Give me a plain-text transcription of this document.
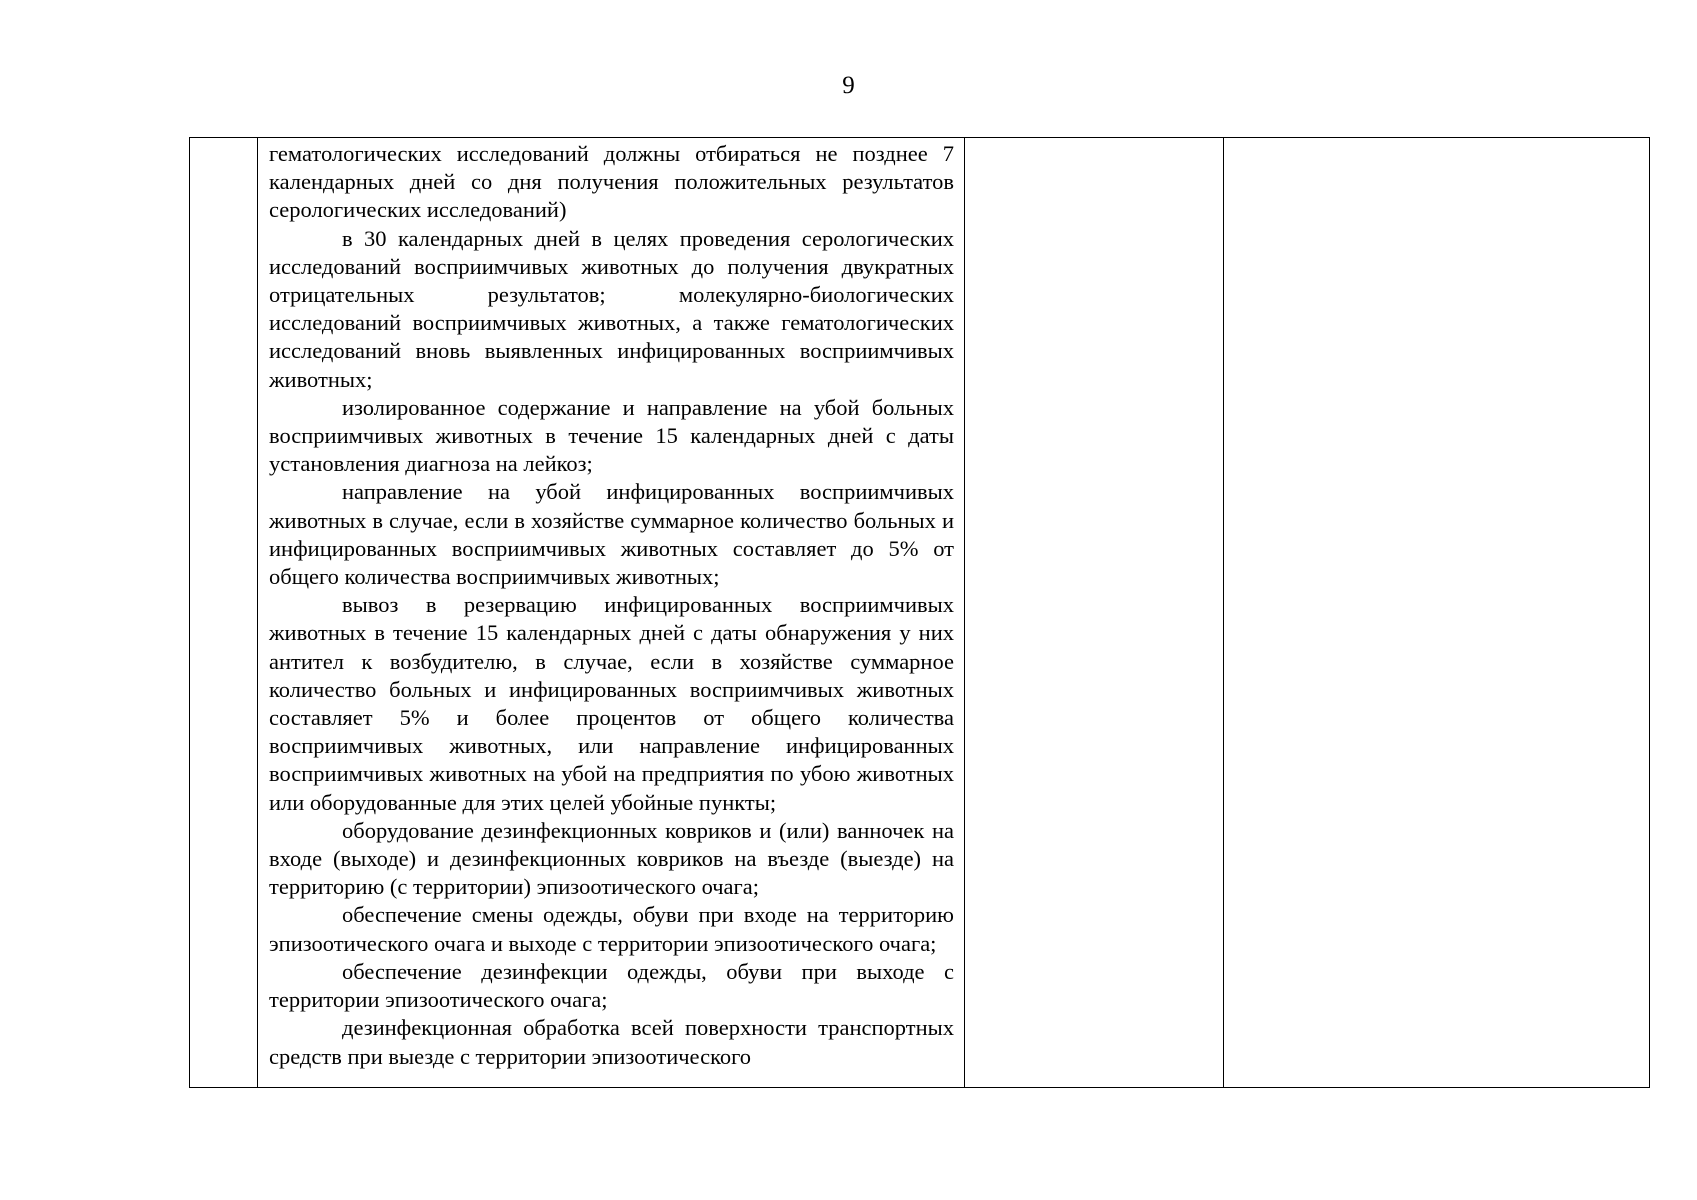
9

гематологических исследований должны отбираться не позднее 7 календарных дней со дня получения положительных результатов серологических исследований)

в 30 календарных дней в целях проведения серологических исследований восприимчивых животных до получения двукратных отрицательных результатов; молекулярно-биологических исследований восприимчивых животных, а также гематологических исследований вновь выявленных инфицированных восприимчивых животных;

изолированное содержание и направление на убой больных восприимчивых животных в течение 15 календарных дней с даты установления диагноза на лейкоз;

направление на убой инфицированных восприимчивых животных в случае, если в хозяйстве суммарное количество больных и инфицированных восприимчивых животных составляет до 5% от общего количества восприимчивых животных;

вывоз в резервацию инфицированных восприимчивых животных в течение 15 календарных дней с даты обнаружения у них антител к возбудителю, в случае, если в хозяйстве суммарное количество больных и инфицированных восприимчивых животных составляет 5% и более процентов от общего количества восприимчивых животных, или направление инфицированных восприимчивых животных на убой на предприятия по убою животных или оборудованные для этих целей убойные пункты;

оборудование дезинфекционных ковриков и (или) ванночек на входе (выходе) и дезинфекционных ковриков на въезде (выезде) на территорию (с территории) эпизоотического очага;

обеспечение смены одежды, обуви при входе на территорию эпизоотического очага и выходе с территории эпизоотического очага;

обеспечение дезинфекции одежды, обуви при выходе с территории эпизоотического очага;

дезинфекционная обработка всей поверхности транспортных средств при выезде с территории эпизоотического
